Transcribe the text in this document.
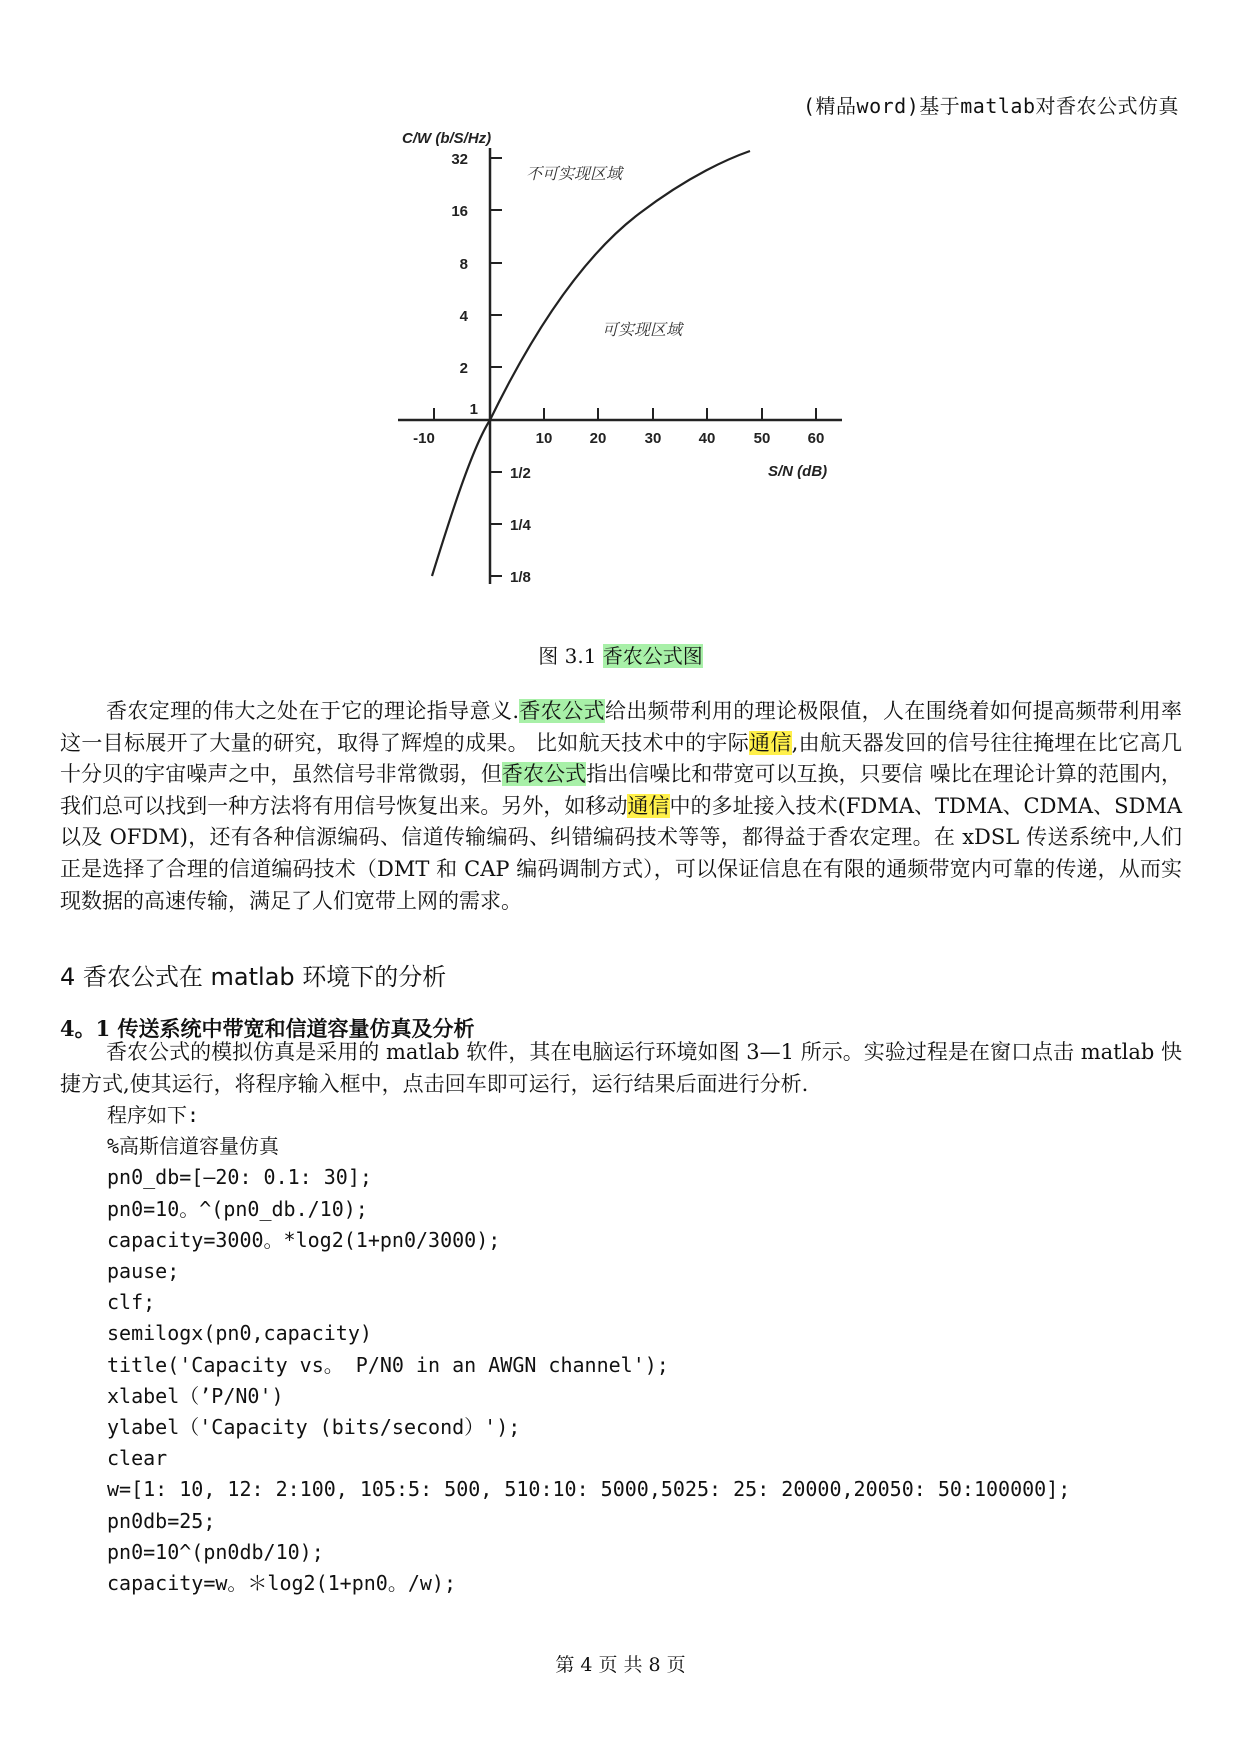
(精品word)基于matlab对香农公式仿真
C/W (b/S/Hz)
32
16
8
4
2
1
1/2
1/4
1/8
-10	10 20	30 40	50 60
S/N (dB)
不可实现区域
可实现区域
图 3.1 香农公式图

香农定理的伟大之处在于它的理论指导意义.香农公式给出频带利用的理论极限值，人在围绕着如何提高频带利用率这一目标展开了大量的研究，取得了辉煌的成果。 比如航天技术中的宇际通信,由航天器发回的信号往往掩埋在比它高几十分贝的宇宙噪声之中，虽然信号非常微弱，但香农公式指出信噪比和带宽可以互换，只要信 噪比在理论计算的范围内，我们总可以找到一种方法将有用信号恢复出来。另外，如移动通信中的多址接入技术(FDMA、TDMA、CDMA、SDMA 以及 OFDM)，还有各种信源编码、信道传输编码、纠错编码技术等等，都得益于香农定理。在 xDSL 传送系统中,人们正是选择了合理的信道编码技术（DMT 和 CAP 编码调制方式），可以保证信息在有限的通频带宽内可靠的传递，从而实现数据的高速传输，满足了人们宽带上网的需求。

4 香农公式在 matlab 环境下的分析
4。1 传送系统中带宽和信道容量仿真及分析

香农公式的模拟仿真是采用的 matlab 软件，其在电脑运行环境如图 3—1 所示。实验过程是在窗口点击 matlab 快捷方式,使其运行，将程序输入框中，点击回车即可运行，运行结果后面进行分析.

程序如下:
%高斯信道容量仿真
pn0_db=[—20: 0.1: 30];
pn0=10。^(pn0_db./10);
capacity=3000。*log2(1+pn0/3000);
pause;
clf;
semilogx(pn0,capacity)
title('Capacity vs。 P/N0 in an AWGN channel');
xlabel（’P/N0')
ylabel（'Capacity (bits/second）');
clear
w=[1: 10, 12: 2:100, 105:5: 500, 510:10: 5000,5025: 25: 20000,20050: 50:100000];
pn0db=25;
pn0=10^(pn0db/10);
capacity=w。＊log2(1+pn0。/w);
第 4 页 共 8 页
